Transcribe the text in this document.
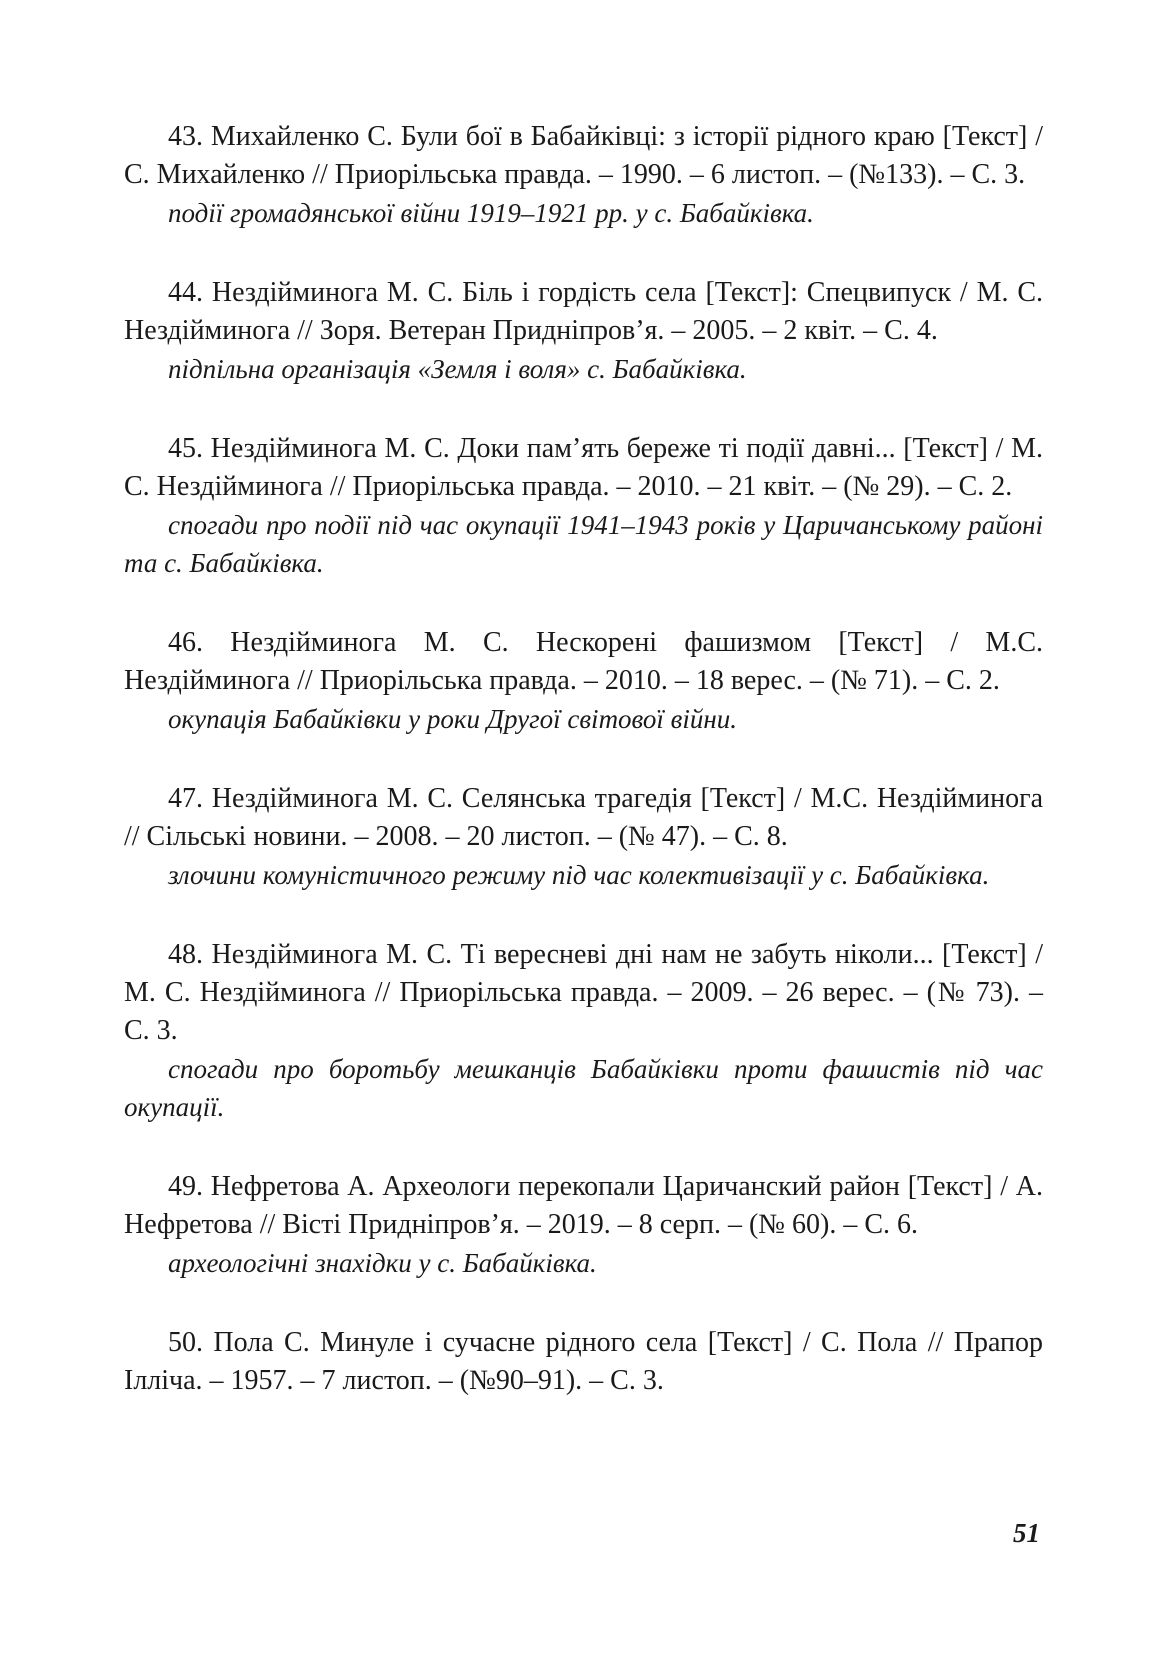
43. Михайленко С. Були бої в Бабайківці: з історії рідного краю [Текст] / С. Михайленко // Приорільська правда. – 1990. – 6 листоп. – (№133). – С. 3.

події громадянської війни 1919–1921 рр. у с. Бабайківка.

44. Нездійминога М. С. Біль і гордість села [Текст]: Спецвипуск / М. С. Нездійминога // Зоря. Ветеран Придніпров’я. – 2005. – 2 квіт. – С. 4.

підпільна організація «Земля і воля» с. Бабайківка.

45. Нездійминога М. С. Доки пам’ять береже ті події давні... [Текст] / М. С. Нездійминога // Приорільська правда. – 2010. – 21 квіт. – (№ 29). – С. 2.

спогади про події під час окупації 1941–1943 років у Царичанському районі та с. Бабайківка.

46. Нездійминога М. С. Нескорені фашизмом [Текст] / М.С. Нездійминога // Приорільська правда. – 2010. – 18 верес. – (№ 71). – С. 2.

окупація Бабайківки у роки Другої світової війни.

47. Нездійминога М. С. Селянська трагедія [Текст] / М.С. Нездійминога // Сільські новини. – 2008. – 20 листоп. – (№ 47). – С. 8.

злочини комуністичного режиму під час колективізації у с. Бабайківка.

48. Нездійминога М. С. Ті вересневі дні нам не забуть ніколи... [Текст] / М. С. Нездійминога // Приорільська правда. – 2009. – 26 верес. – (№ 73). – С. 3.

спогади про боротьбу мешканців Бабайківки проти фашистів під час окупації.

49. Нефретова А. Археологи перекопали Царичанский район [Текст] / А. Нефретова // Вісті Придніпров’я. – 2019. – 8 серп. – (№ 60). – С. 6.

археологічні знахідки у с. Бабайківка.

50. Пола С. Минуле і сучасне рідного села [Текст] / С. Пола // Прапор Ілліча. – 1957. – 7 листоп. – (№90–91). – С. 3.

51
